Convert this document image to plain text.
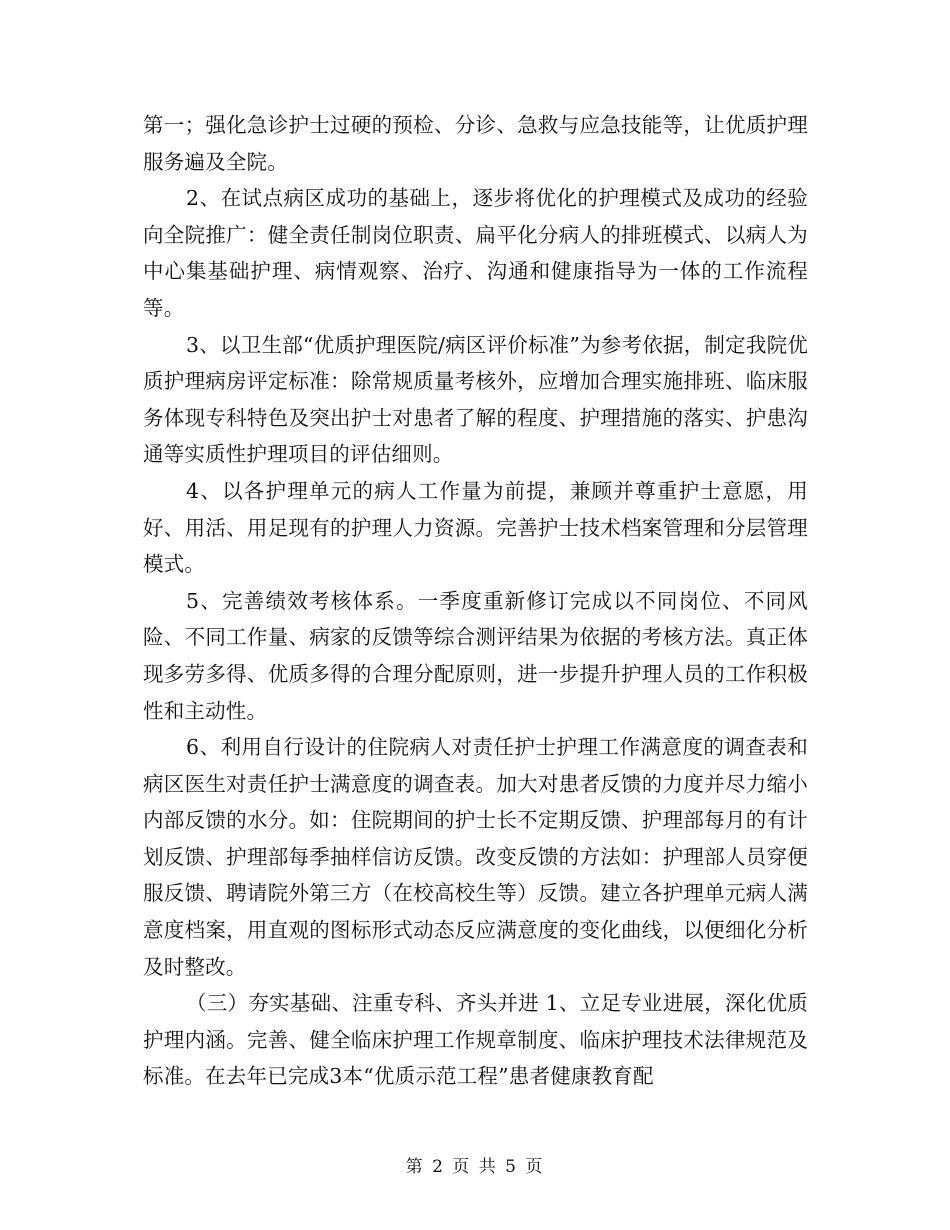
第一；强化急诊护士过硬的预检、分诊、急救与应急技能等，让优质护理服务遍及全院。

2、在试点病区成功的基础上，逐步将优化的护理模式及成功的经验向全院推广：健全责任制岗位职责、扁平化分病人的排班模式、以病人为中心集基础护理、病情观察、治疗、沟通和健康指导为一体的工作流程等。

3、以卫生部“优质护理医院/病区评价标准”为参考依据，制定我院优质护理病房评定标准：除常规质量考核外，应增加合理实施排班、临床服务体现专科特色及突出护士对患者了解的程度、护理措施的落实、护患沟通等实质性护理项目的评估细则。

4、以各护理单元的病人工作量为前提，兼顾并尊重护士意愿，用好、用活、用足现有的护理人力资源。完善护士技术档案管理和分层管理模式。

5、完善绩效考核体系。一季度重新修订完成以不同岗位、不同风险、不同工作量、病家的反馈等综合测评结果为依据的考核方法。真正体现多劳多得、优质多得的合理分配原则，进一步提升护理人员的工作积极性和主动性。

6、利用自行设计的住院病人对责任护士护理工作满意度的调查表和病区医生对责任护士满意度的调查表。加大对患者反馈的力度并尽力缩小内部反馈的水分。如：住院期间的护士长不定期反馈、护理部每月的有计划反馈、护理部每季抽样信访反馈。改变反馈的方法如：护理部人员穿便服反馈、聘请院外第三方（在校高校生等）反馈。建立各护理单元病人满意度档案，用直观的图标形式动态反应满意度的变化曲线，以便细化分析及时整改。

（三）夯实基础、注重专科、齐头并进 1、立足专业进展，深化优质护理内涵。完善、健全临床护理工作规章制度、临床护理技术法律规范及标准。在去年已完成3本“优质示范工程”患者健康教育配

第 2 页 共 5 页
